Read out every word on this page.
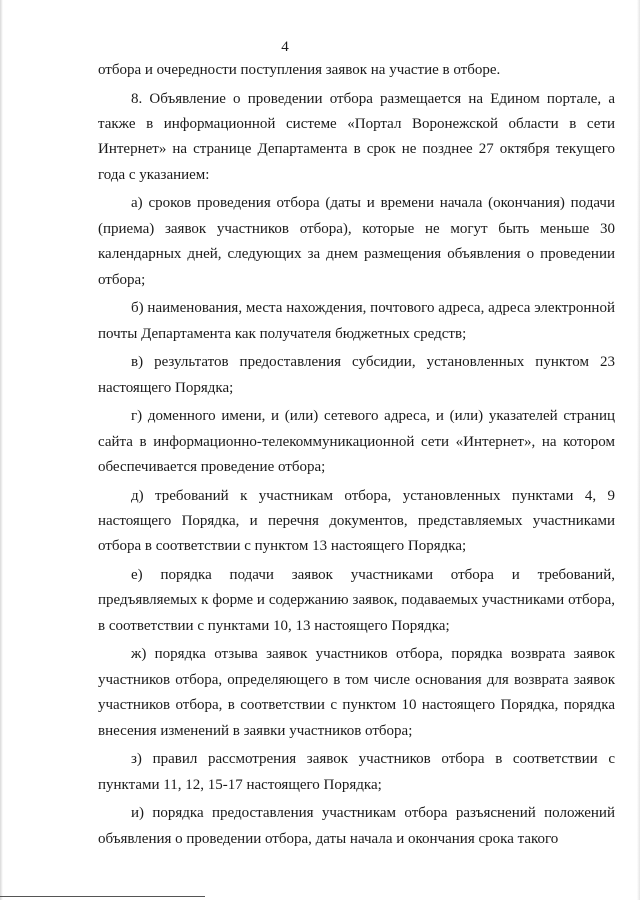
4

отбора и очередности поступления заявок на участие в отборе.

8. Объявление о проведении отбора размещается на Едином портале, а также в информационной системе «Портал Воронежской области в сети Интернет» на странице Департамента в срок не позднее 27 октября текущего года с указанием:

а) сроков проведения отбора (даты и времени начала (окончания) подачи (приема) заявок участников отбора), которые не могут быть меньше 30 календарных дней, следующих за днем размещения объявления о проведении отбора;

б) наименования, места нахождения, почтового адреса, адреса электронной почты Департамента как получателя бюджетных средств;

в) результатов предоставления субсидии, установленных пунктом 23 настоящего Порядка;

г) доменного имени, и (или) сетевого адреса, и (или) указателей страниц сайта в информационно-телекоммуникационной сети «Интернет», на котором обеспечивается проведение отбора;

д) требований к участникам отбора, установленных пунктами 4, 9 настоящего Порядка, и перечня документов, представляемых участниками отбора в соответствии с пунктом 13 настоящего Порядка;

е) порядка подачи заявок участниками отбора и требований, предъявляемых к форме и содержанию заявок, подаваемых участниками отбора, в соответствии с пунктами 10, 13 настоящего Порядка;

ж) порядка отзыва заявок участников отбора, порядка возврата заявок участников отбора, определяющего в том числе основания для возврата заявок участников отбора, в соответствии с пунктом 10 настоящего Порядка, порядка внесения изменений в заявки участников отбора;

з) правил рассмотрения заявок участников отбора в соответствии с пунктами 11, 12, 15-17 настоящего Порядка;

и) порядка предоставления участникам отбора разъяснений положений объявления о проведении отбора, даты начала и окончания срока такого
